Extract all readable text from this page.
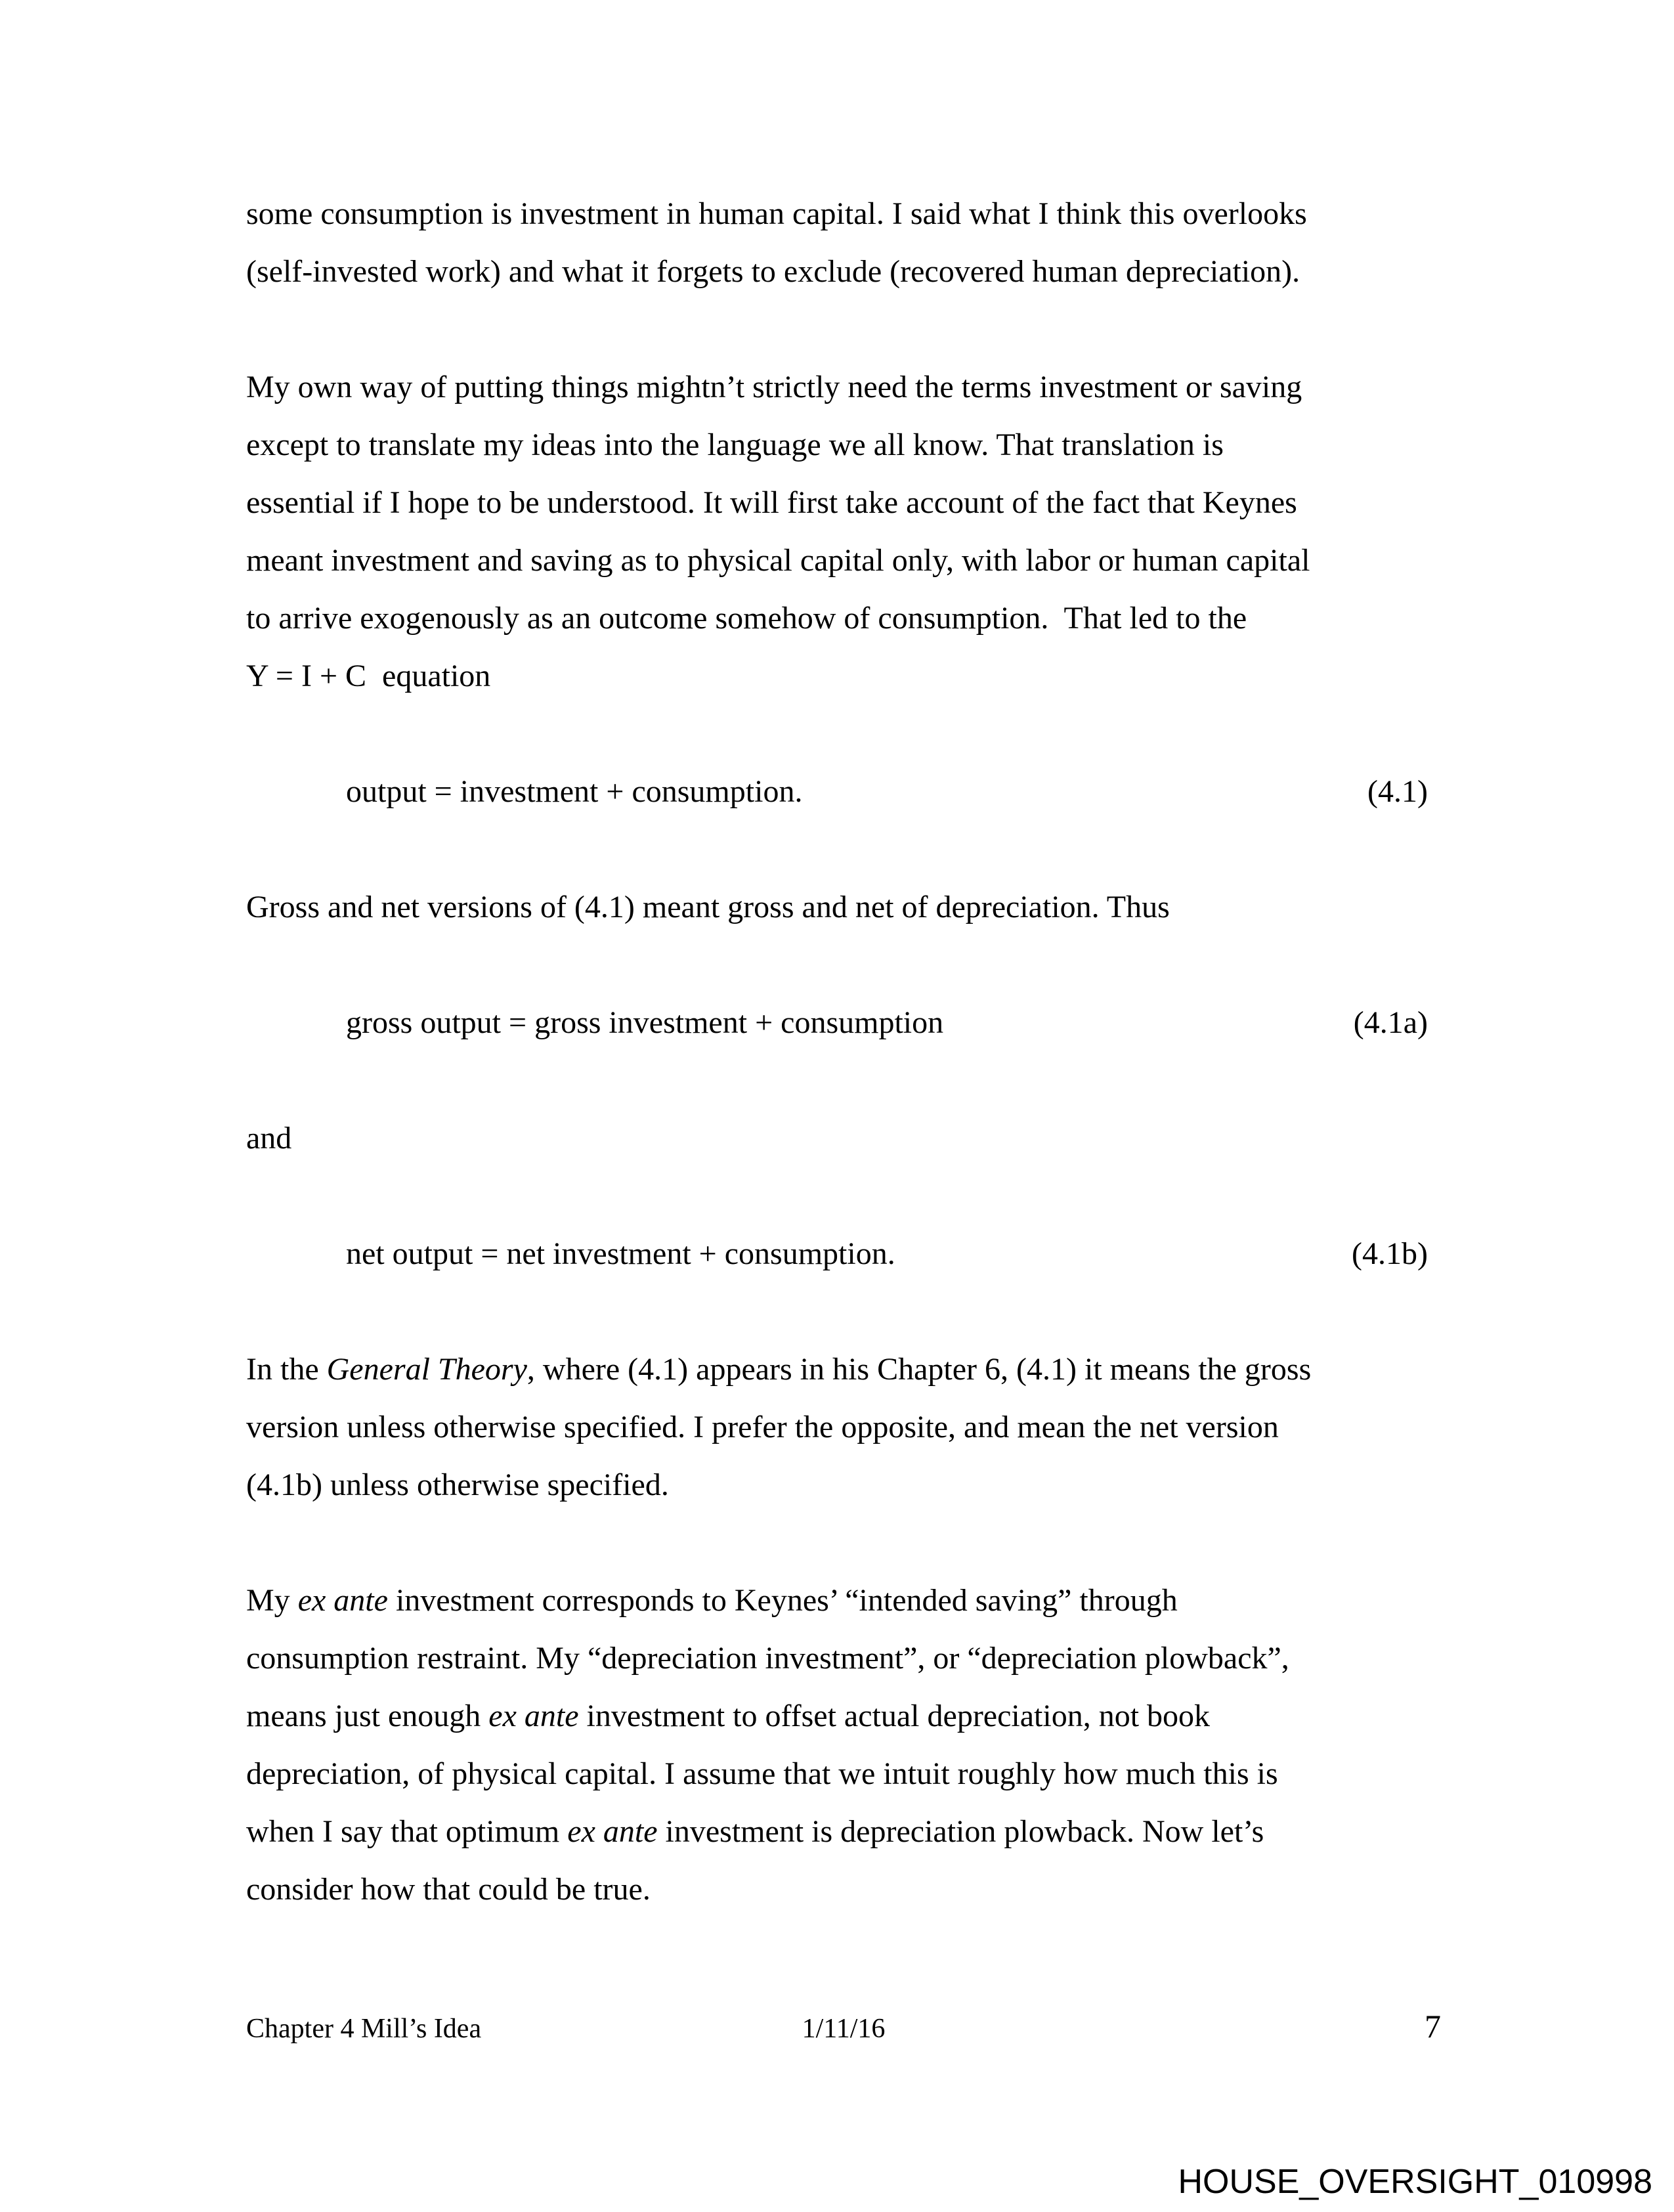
some consumption is investment in human capital. I said what I think this overlooks
(self-invested work) and what it forgets to exclude (recovered human depreciation).
My own way of putting things mightn’t strictly need the terms investment or saving
except to translate my ideas into the language we all know. That translation is
essential if I hope to be understood. It will first take account of the fact that Keynes
meant investment and saving as to physical capital only, with labor or human capital
to arrive exogenously as an outcome somehow of consumption.  That led to the
Y = I + C  equation
output = investment + consumption.	(4.1)
Gross and net versions of (4.1) meant gross and net of depreciation. Thus
gross output = gross investment + consumption	(4.1a)
and
net output = net investment + consumption.	(4.1b)
In the General Theory, where (4.1) appears in his Chapter 6, (4.1) it means the gross
version unless otherwise specified. I prefer the opposite, and mean the net version
(4.1b) unless otherwise specified.
My ex ante investment corresponds to Keynes’ “intended saving” through
consumption restraint. My “depreciation investment”, or “depreciation plowback”,
means just enough ex ante investment to offset actual depreciation, not book
depreciation, of physical capital. I assume that we intuit roughly how much this is
when I say that optimum ex ante investment is depreciation plowback. Now let’s
consider how that could be true.
Chapter 4 Mill’s Idea	1/11/16	7
HOUSE_OVERSIGHT_010998
